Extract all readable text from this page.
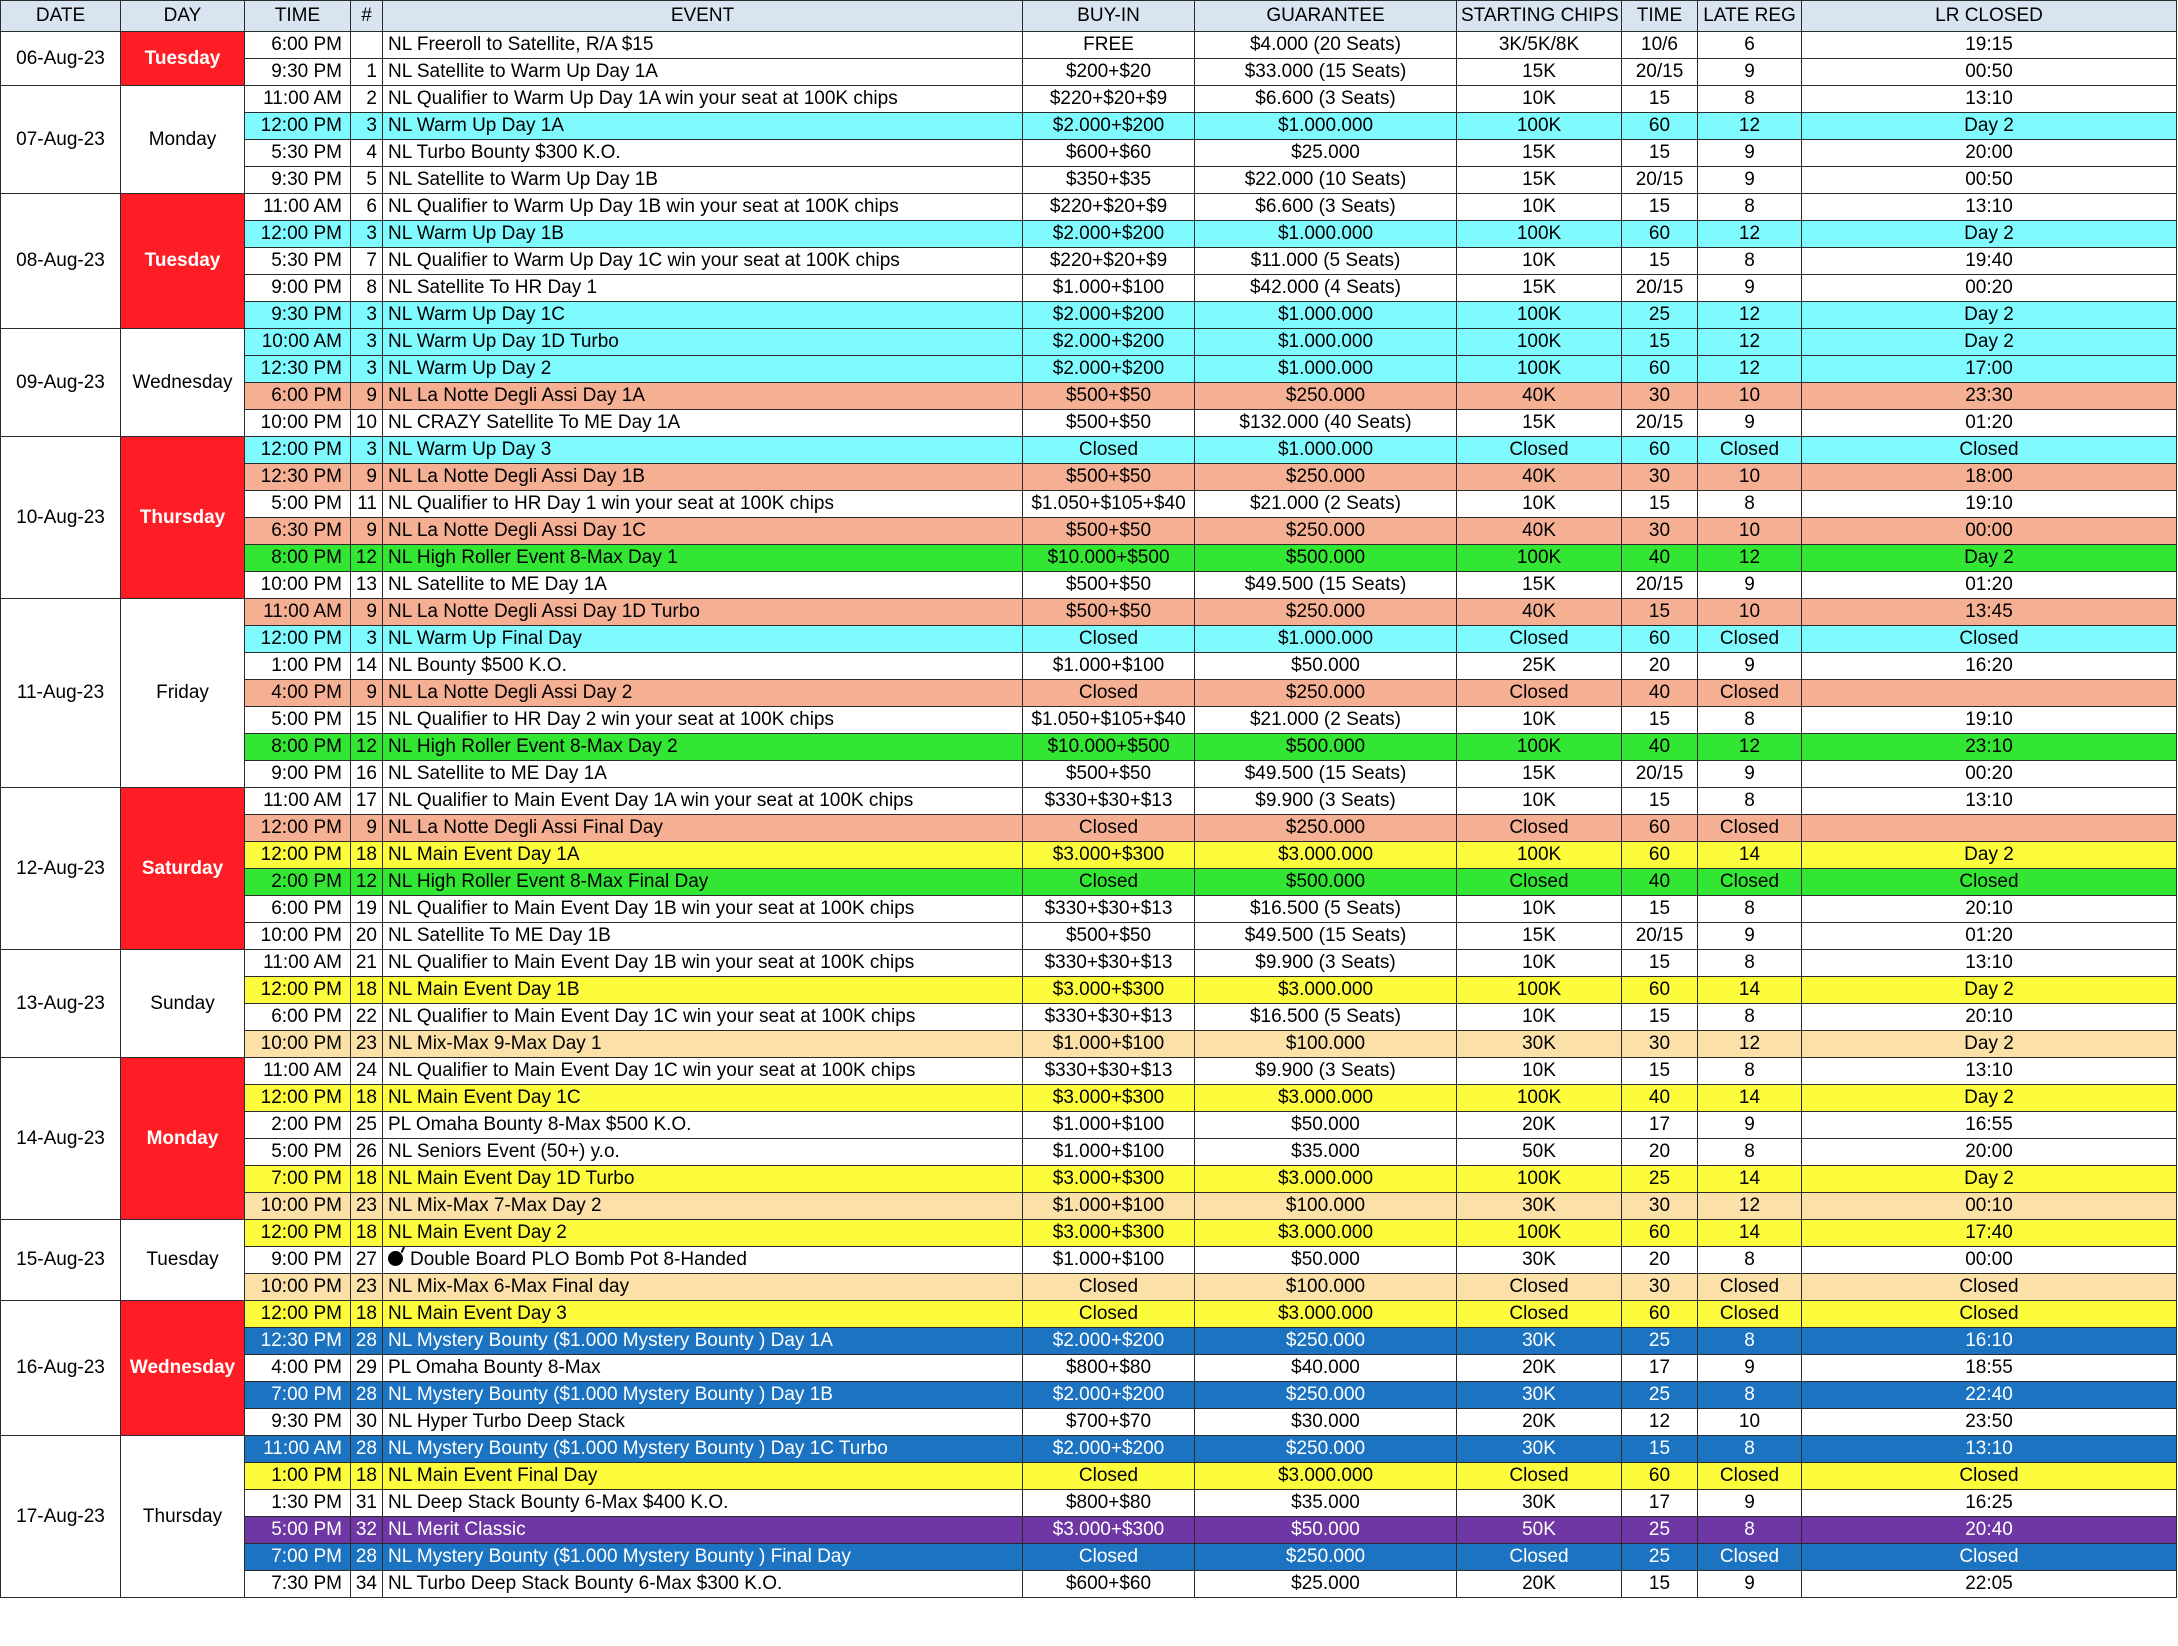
DATE	DAY	TIME	#	EVENT	BUY-IN	GUARANTEE	STARTING CHIPS	TIME	LATE REG	LR CLOSED
06-Aug-23	Tuesday	6:00 PM		NL Freeroll to Satellite, R/A $15	FREE	$4.000 (20 Seats)	3K/5K/8K	10/6	6	19:15
		9:30 PM	1	NL Satellite to Warm Up Day 1A	$200+$20	$33.000 (15 Seats)	15K	20/15	9	00:50
07-Aug-23	Monday	11:00 AM	2	NL Qualifier to Warm Up Day 1A win your seat at 100K chips	$220+$20+$9	$6.600 (3 Seats)	10K	15	8	13:10
		12:00 PM	3	NL Warm Up Day 1A	$2.000+$200	$1.000.000	100K	60	12	Day 2
		5:30 PM	4	NL Turbo Bounty $300 K.O.	$600+$60	$25.000	15K	15	9	20:00
		9:30 PM	5	NL Satellite to Warm Up Day 1B	$350+$35	$22.000 (10 Seats)	15K	20/15	9	00:50
08-Aug-23	Tuesday	11:00 AM	6	NL Qualifier to Warm Up Day 1B win your seat at 100K chips	$220+$20+$9	$6.600 (3 Seats)	10K	15	8	13:10
		12:00 PM	3	NL Warm Up Day 1B	$2.000+$200	$1.000.000	100K	60	12	Day 2
		5:30 PM	7	NL Qualifier to Warm Up Day 1C win your seat at 100K chips	$220+$20+$9	$11.000 (5 Seats)	10K	15	8	19:40
		9:00 PM	8	NL Satellite To HR Day 1	$1.000+$100	$42.000 (4 Seats)	15K	20/15	9	00:20
		9:30 PM	3	NL Warm Up Day 1C	$2.000+$200	$1.000.000	100K	25	12	Day 2
09-Aug-23	Wednesday	10:00 AM	3	NL Warm Up Day 1D Turbo	$2.000+$200	$1.000.000	100K	15	12	Day 2
		12:30 PM	3	NL Warm Up Day 2	$2.000+$200	$1.000.000	100K	60	12	17:00
		6:00 PM	9	NL La Notte Degli Assi Day 1A	$500+$50	$250.000	40K	30	10	23:30
		10:00 PM	10	NL CRAZY Satellite To ME Day 1A	$500+$50	$132.000 (40 Seats)	15K	20/15	9	01:20
10-Aug-23	Thursday	12:00 PM	3	NL Warm Up Day 3	Closed	$1.000.000	Closed	60	Closed	Closed
		12:30 PM	9	NL La Notte Degli Assi Day 1B	$500+$50	$250.000	40K	30	10	18:00
		5:00 PM	11	NL Qualifier to HR Day 1 win your seat at 100K chips	$1.050+$105+$40	$21.000 (2 Seats)	10K	15	8	19:10
		6:30 PM	9	NL La Notte Degli Assi Day 1C	$500+$50	$250.000	40K	30	10	00:00
		8:00 PM	12	NL High Roller Event 8-Max Day 1	$10.000+$500	$500.000	100K	40	12	Day 2
		10:00 PM	13	NL Satellite to ME Day 1A	$500+$50	$49.500 (15 Seats)	15K	20/15	9	01:20
11-Aug-23	Friday	11:00 AM	9	NL La Notte Degli Assi Day 1D Turbo	$500+$50	$250.000	40K	15	10	13:45
		12:00 PM	3	NL Warm Up Final Day	Closed	$1.000.000	Closed	60	Closed	Closed
		1:00 PM	14	NL Bounty $500 K.O.	$1.000+$100	$50.000	25K	20	9	16:20
		4:00 PM	9	NL La Notte Degli Assi Day 2	Closed	$250.000	Closed	40	Closed	
		5:00 PM	15	NL Qualifier to HR Day 2 win your seat at 100K chips	$1.050+$105+$40	$21.000 (2 Seats)	10K	15	8	19:10
		8:00 PM	12	NL High Roller Event 8-Max Day 2	$10.000+$500	$500.000	100K	40	12	23:10
		9:00 PM	16	NL Satellite to ME Day 1A	$500+$50	$49.500 (15 Seats)	15K	20/15	9	00:20
12-Aug-23	Saturday	11:00 AM	17	NL Qualifier to Main Event Day 1A win your seat at 100K chips	$330+$30+$13	$9.900 (3 Seats)	10K	15	8	13:10
		12:00 PM	9	NL La Notte Degli Assi Final Day	Closed	$250.000	Closed	60	Closed	
		12:00 PM	18	NL Main Event Day 1A	$3.000+$300	$3.000.000	100K	60	14	Day 2
		2:00 PM	12	NL High Roller Event 8-Max Final Day	Closed	$500.000	Closed	40	Closed	Closed
		6:00 PM	19	NL Qualifier to Main Event Day 1B win your seat at 100K chips	$330+$30+$13	$16.500 (5 Seats)	10K	15	8	20:10
		10:00 PM	20	NL Satellite To ME Day 1B	$500+$50	$49.500 (15 Seats)	15K	20/15	9	01:20
13-Aug-23	Sunday	11:00 AM	21	NL Qualifier to Main Event Day 1B win your seat at 100K chips	$330+$30+$13	$9.900 (3 Seats)	10K	15	8	13:10
		12:00 PM	18	NL Main Event Day 1B	$3.000+$300	$3.000.000	100K	60	14	Day 2
		6:00 PM	22	NL Qualifier to Main Event Day 1C win your seat at 100K chips	$330+$30+$13	$16.500 (5 Seats)	10K	15	8	20:10
		10:00 PM	23	NL Mix-Max 9-Max Day 1	$1.000+$100	$100.000	30K	30	12	Day 2
14-Aug-23	Monday	11:00 AM	24	NL Qualifier to Main Event Day 1C win your seat at 100K chips	$330+$30+$13	$9.900 (3 Seats)	10K	15	8	13:10
		12:00 PM	18	NL Main Event Day 1C	$3.000+$300	$3.000.000	100K	40	14	Day 2
		2:00 PM	25	PL Omaha Bounty 8-Max $500 K.O.	$1.000+$100	$50.000	20K	17	9	16:55
		5:00 PM	26	NL Seniors Event (50+) y.o.	$1.000+$100	$35.000	50K	20	8	20:00
		7:00 PM	18	NL Main Event Day 1D Turbo	$3.000+$300	$3.000.000	100K	25	14	Day 2
		10:00 PM	23	NL Mix-Max 7-Max Day 2	$1.000+$100	$100.000	30K	30	12	00:10
15-Aug-23	Tuesday	12:00 PM	18	NL Main Event Day 2	$3.000+$300	$3.000.000	100K	60	14	17:40
		9:00 PM	27	Double Board PLO Bomb Pot 8-Handed	$1.000+$100	$50.000	30K	20	8	00:00
		10:00 PM	23	NL Mix-Max 6-Max Final day	Closed	$100.000	Closed	30	Closed	Closed
16-Aug-23	Wednesday	12:00 PM	18	NL Main Event Day 3	Closed	$3.000.000	Closed	60	Closed	Closed
		12:30 PM	28	NL Mystery Bounty ($1.000 Mystery Bounty ) Day 1A	$2.000+$200	$250.000	30K	25	8	16:10
		4:00 PM	29	PL Omaha Bounty 8-Max	$800+$80	$40.000	20K	17	9	18:55
		7:00 PM	28	NL Mystery Bounty ($1.000 Mystery Bounty ) Day 1B	$2.000+$200	$250.000	30K	25	8	22:40
		9:30 PM	30	NL Hyper Turbo Deep Stack	$700+$70	$30.000	20K	12	10	23:50
17-Aug-23	Thursday	11:00 AM	28	NL Mystery Bounty ($1.000 Mystery Bounty ) Day 1C Turbo	$2.000+$200	$250.000	30K	15	8	13:10
		1:00 PM	18	NL Main Event Final Day	Closed	$3.000.000	Closed	60	Closed	Closed
		1:30 PM	31	NL Deep Stack Bounty 6-Max $400 K.O.	$800+$80	$35.000	30K	17	9	16:25
		5:00 PM	32	NL Merit Classic	$3.000+$300	$50.000	50K	25	8	20:40
		7:00 PM	28	NL Mystery Bounty ($1.000 Mystery Bounty ) Final Day	Closed	$250.000	Closed	25	Closed	Closed
		7:30 PM	34	NL Turbo Deep Stack Bounty 6-Max $300 K.O.	$600+$60	$25.000	20K	15	9	22:05
